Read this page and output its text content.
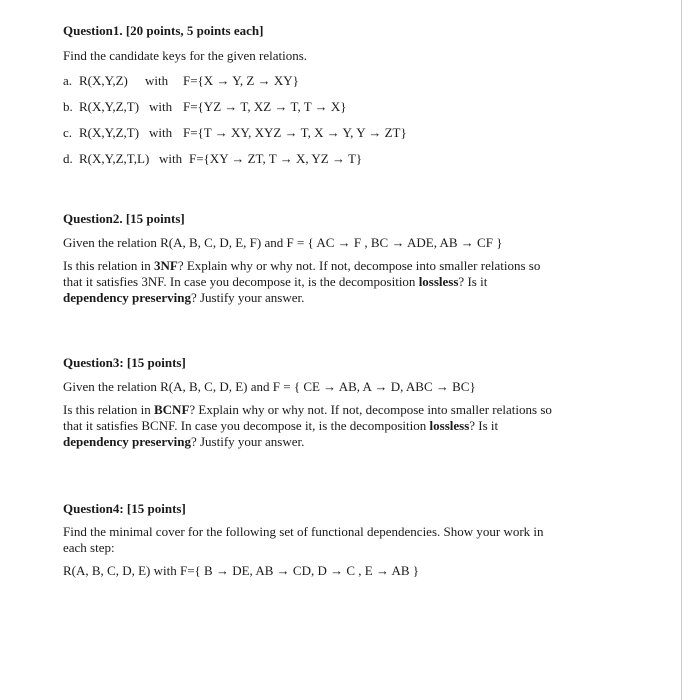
Question1. [20 points, 5 points each]

Find the candidate keys for the given relations.

a. R(X,Y,Z)	with	F={X → Y, Z → XY}
b. R(X,Y,Z,T) with F={YZ → T, XZ → T, T → X}
c. R(X,Y,Z,T) with F={T → XY, XYZ → T, X → Y, Y → ZT}
d. R(X,Y,Z,T,L) with F={XY → ZT, T → X, YZ → T}

Question2. [15 points]

Given the relation R(A, B, C, D, E, F) and F = { AC → F , BC → ADE, AB → CF }

Is this relation in 3NF? Explain why or why not. If not, decompose into smaller relations so
that it satisfies 3NF. In case you decompose it, is the decomposition lossless? Is it
dependency preserving? Justify your answer.

Question3: [15 points]

Given the relation R(A, B, C, D, E) and F = { CE → AB, A → D, ABC → BC}

Is this relation in BCNF? Explain why or why not. If not, decompose into smaller relations so
that it satisfies BCNF. In case you decompose it, is the decomposition lossless? Is it
dependency preserving? Justify your answer.

Question4: [15 points]

Find the minimal cover for the following set of functional dependencies. Show your work in
each step:

R(A, B, C, D, E) with F={ B → DE, AB → CD, D → C , E → AB }
